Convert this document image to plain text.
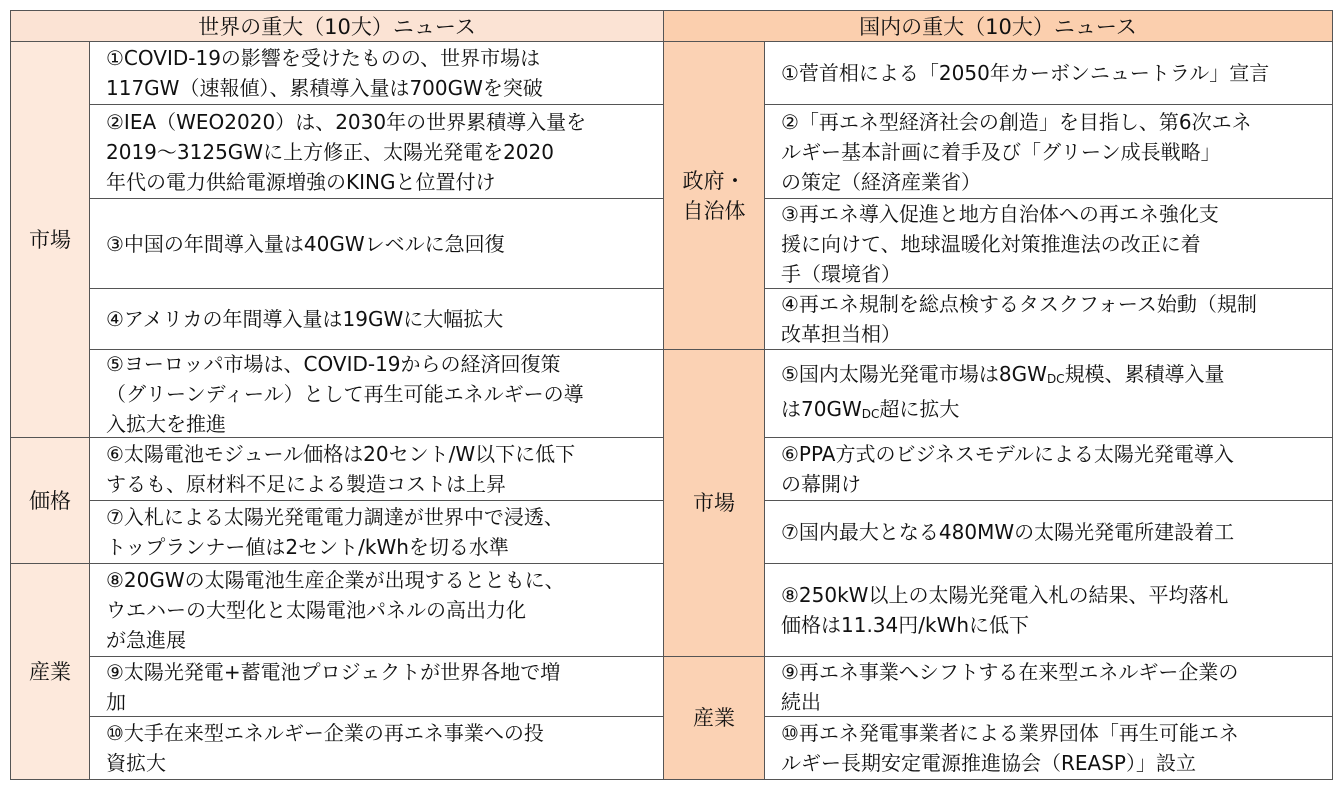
世界の重大（10大）ニュース	国内の重大（10大）ニュース
市場
価格
産業
①COVID-19の影響を受けたものの、世界市場は
117GW（速報値）、累積導入量は700GWを突破
②IEA（WEO2020）は、2030年の世界累積導入量を
2019～3125GWに上方修正、太陽光発電を2020
年代の電力供給電源増強のKINGと位置付け
③中国の年間導入量は40GWレベルに急回復
④アメリカの年間導入量は19GWに大幅拡大
⑤ヨーロッパ市場は、COVID-19からの経済回復策
（グリーンディール）として再生可能エネルギーの導
入拡大を推進
⑥太陽電池モジュール価格は20セント/W以下に低下
するも、原材料不足による製造コストは上昇
⑦入札による太陽光発電電力調達が世界中で浸透、
トップランナー値は2セント/kWhを切る水準
⑧20GWの太陽電池生産企業が出現するとともに、
ウエハーの大型化と太陽電池パネルの高出力化
が急進展
⑨太陽光発電+蓄電池プロジェクトが世界各地で増
加
⑩大手在来型エネルギー企業の再エネ事業への投
資拡大
政府・
自治体
市場
産業
①菅首相による「2050年カーボンニュートラル」宣言
②「再エネ型経済社会の創造」を目指し、第6次エネ
ルギー基本計画に着手及び「グリーン成長戦略」
の策定（経済産業省）
③再エネ導入促進と地方自治体への再エネ強化支
援に向けて、地球温暖化対策推進法の改正に着
手（環境省）
④再エネ規制を総点検するタスクフォース始動（規制
改革担当相）
⑤国内太陽光発電市場は$8GW_{DC}$規模、累積導入量
は$70GW_{DC}$超に拡大
⑥PPA方式のビジネスモデルによる太陽光発電導入
の幕開け
⑦国内最大となる480MWの太陽光発電所建設着工
⑧250kW以上の太陽光発電入札の結果、平均落札
価格は11.34円/kWhに低下
⑨再エネ事業へシフトする在来型エネルギー企業の
続出
⑩再エネ発電事業者による業界団体「再生可能エネ
ルギー長期安定電源推進協会（REASP）」設立
